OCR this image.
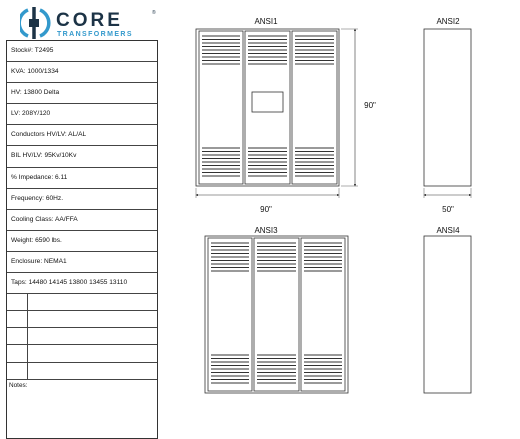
CORE	®
TRANSFORMERS
Stock#: T2495
KVA: 1000/1334
HV: 13800 Delta
LV: 208Y/120
Conductors HV/LV: AL/AL
BIL HV/LV: 95Kv/10Kv
% Impedance: 6.11
Frequency: 60Hz.
Cooling Class: AA/FFA
Weight: 6590 lbs.
Enclosure: NEMA1
Taps: 14480 14145 13800 13455 13110
Notes:
ANSI1
90"
90"
ANSI2
50"
ANSI3	ANSI4
